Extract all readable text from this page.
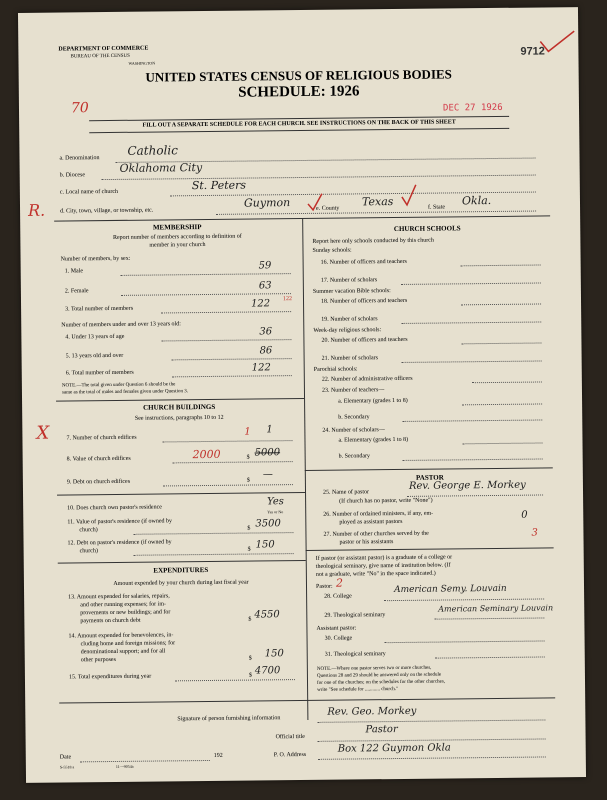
DEPARTMENT OF COMMERCE
BUREAU OF THE CENSUS
WASHINGTON
9712
UNITED STATES CENSUS OF RELIGIOUS BODIES
SCHEDULE: 1926
70	DEC 27 1926
FILL OUT A SEPARATE SCHEDULE FOR EACH CHURCH. SEE INSTRUCTIONS ON THE BACK OF THIS SHEET
a. Denomination
Catholic
b. Diocese
Oklahoma City
c. Local name of church
St. Peters
R. d. City, town, village, or township, etc.
Guymon	e. County
Texas	f. State
Okla.
MEMBERSHIP
Report number of members according to definition of
member in your church
Number of members, by sex:
1. Male	59
2. Female	63
3. Total number of members	122 122
Number of members under and over 13 years old:
4. Under 13 years of age	36
5. 13 years old and over	86
6. Total number of members	122
NOTE.—The total given under Question 6 should be the
same as the total of males and females given under Question 3.
CHURCH BUILDINGS
See instructions, paragraphs 10 to 12
X	7. Number of church edifices
1 1
8. Value of church edifices	2000	$ 5000
9. Debt on church edifices	$
—
10. Does church own pastor's residence
Yes
Yes or No
11. Value of pastor's residence (if owned by
church)	$ 3500
12. Debt on pastor's residence (if owned by
church)	$ 150
EXPENDITURES
Amount expended by your church during last fiscal year
13. Amount expended for salaries, repairs,
and other running expenses; for im-
provements or new buildings; and for
payments on church debt	$ 4550
14. Amount expended for benevolences, in-
cluding home and foreign missions; for
denominational support; and for all
other purposes	$ 150
15. Total expenditures during year	$ 4700
CHURCH SCHOOLS
Report here only schools conducted by this church
Sunday schools:
16. Number of officers and teachers
17. Number of scholars
Summer vacation Bible schools:
18. Number of officers and teachers
19. Number of scholars
Week-day religious schools:
20. Number of officers and teachers
21. Number of scholars
Parochial schools:
22. Number of administrative officers
23. Number of teachers—
a. Elementary (grades 1 to 8)
b. Secondary
24. Number of scholars—
a. Elementary (grades 1 to 8)
b. Secondary
PASTOR
25. Name of pastor
Rev. George E. Morkey
(If church has no pastor, write "None")
26. Number of ordained ministers, if any, em-
ployed as assistant pastors
0
27. Number of other churches served by the
pastor or his assistants
3
If pastor (or assistant pastor) is a graduate of a college or
theological seminary, give name of institution below. (If
not a graduate, write "No" in the space indicated.)
Pastor: 2
28. College
American Semy. Louvain
29. Theological seminary
American Seminary Louvain
Assistant pastor:
30. College
31. Theological seminary
NOTE.—Where one pastor serves two or more churches,
Questions 28 and 29 should be answered only on the schedule
for one of the churches; on the schedules for the other churches,
write "See schedule for ............ church."
Signature of person furnishing information
Rev. Geo. Morkey
Official title
Pastor
Date	192	P. O. Address
Box 122 Guymon Okla
S-5518 a	11—9054a
